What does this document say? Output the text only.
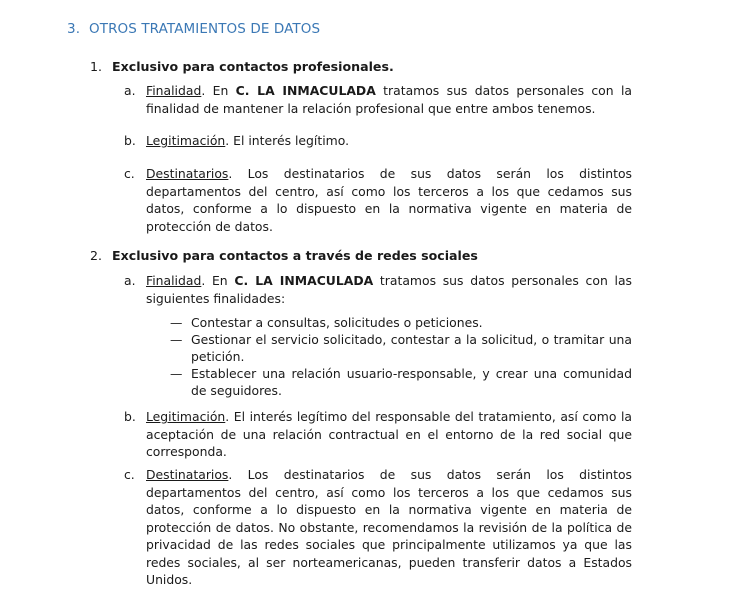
3. OTROS TRATAMIENTOS DE DATOS
1. Exclusivo para contactos profesionales.
a. Finalidad. En C. LA INMACULADA tratamos sus datos personales con la finalidad de mantener la relación profesional que entre ambos tenemos.
b. Legitimación. El interés legítimo.
c. Destinatarios. Los destinatarios de sus datos serán los distintos departamentos del centro, así como los terceros a los que cedamos sus datos, conforme a lo dispuesto en la normativa vigente en materia de protección de datos.
2. Exclusivo para contactos a través de redes sociales
a. Finalidad. En C. LA INMACULADA tratamos sus datos personales con las siguientes finalidades:
— Contestar a consultas, solicitudes o peticiones.
— Gestionar el servicio solicitado, contestar a la solicitud, o tramitar una petición.
— Establecer una relación usuario-responsable, y crear una comunidad de seguidores.
b. Legitimación. El interés legítimo del responsable del tratamiento, así como la aceptación de una relación contractual en el entorno de la red social que corresponda.
c. Destinatarios. Los destinatarios de sus datos serán los distintos departamentos del centro, así como los terceros a los que cedamos sus datos, conforme a lo dispuesto en la normativa vigente en materia de protección de datos. No obstante, recomendamos la revisión de la política de privacidad de las redes sociales que principalmente utilizamos ya que las redes sociales, al ser norteamericanas, pueden transferir datos a Estados Unidos.
